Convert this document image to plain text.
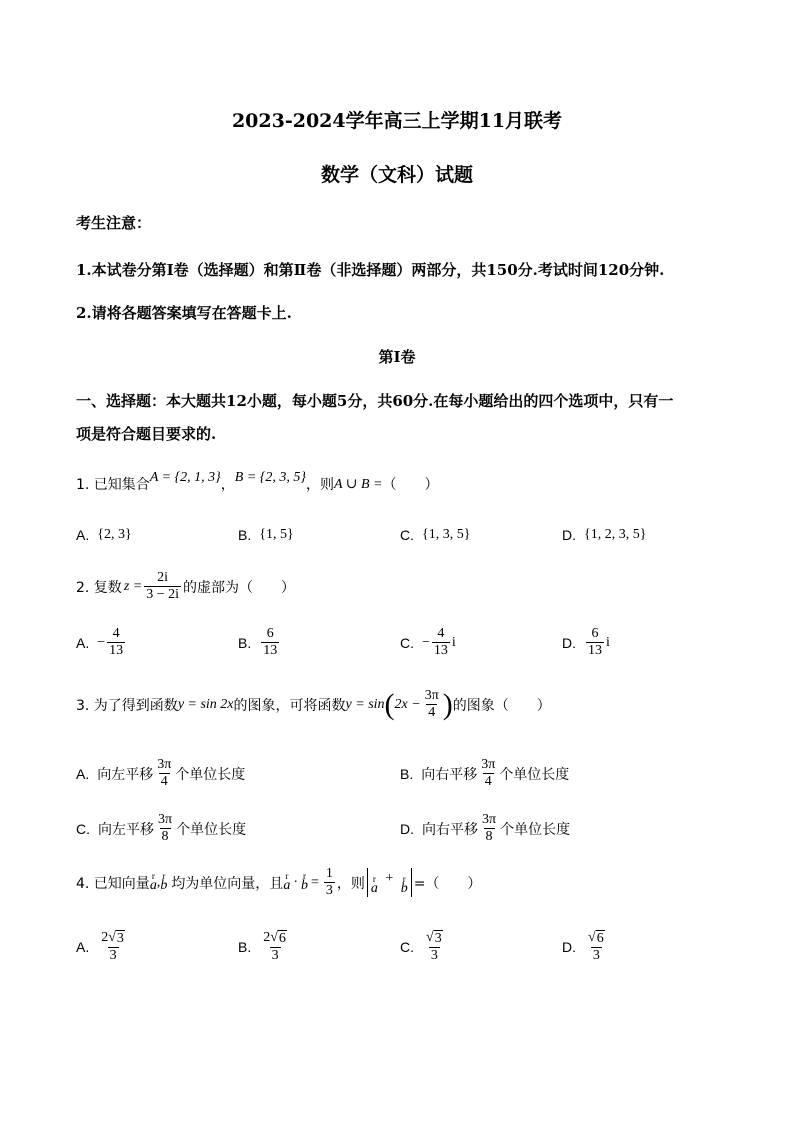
2023-2024学年高三上学期11月联考
数学（文科）试题
考生注意：
1.本试卷分第Ⅰ卷（选择题）和第Ⅱ卷（非选择题）两部分，共150分.考试时间120分钟.
2.请将各题答案填写在答题卡上.
第Ⅰ卷
一、选择题：本大题共12小题，每小题5分，共60分.在每小题给出的四个选项中，只有一
项是符合题目要求的.
1. 已知集合 A = {2, 1, 3} ， B = {2, 3, 5} ，则 A ∪ B = （　　）
A. {2, 3}	B. {1, 5}	C. {1, 3, 5}	D. {1, 2, 3, 5}
2. 复数 $z = \frac{2i}{3 - 2i}$ 的虚部为（　　）
A. − $\frac{4}{13}$	B. $\frac{6}{13}$	C. − $\frac{4}{13}$ i	D. $\frac{6}{13}$ i
3. 为了得到函数 y = sin 2x 的图象，可将函数 y = sin ( $2x - \frac{3\pi}{4}$ ) 的图象（　　）
A. 向左平移 $\frac{3\pi}{4}$ 个单位长度	B. 向右平移 $\frac{3\pi}{4}$ 个单位长度
C. 向左平移 $\frac{3\pi}{8}$ 个单位长度	D. 向右平移 $\frac{3\pi}{8}$ 个单位长度
4. 已知向量 r
a , r
b 均为单位向量，且 r
a · r
$b = \frac{1}{3}$ ，则 r
a
+ r
b =（　　）
A. $\frac{2 √ 3}{3}$	B. $\frac{2 √ 6}{3}$	C. $\frac{√ 3}{3}$	D. $\frac{√ 6}{3}$
